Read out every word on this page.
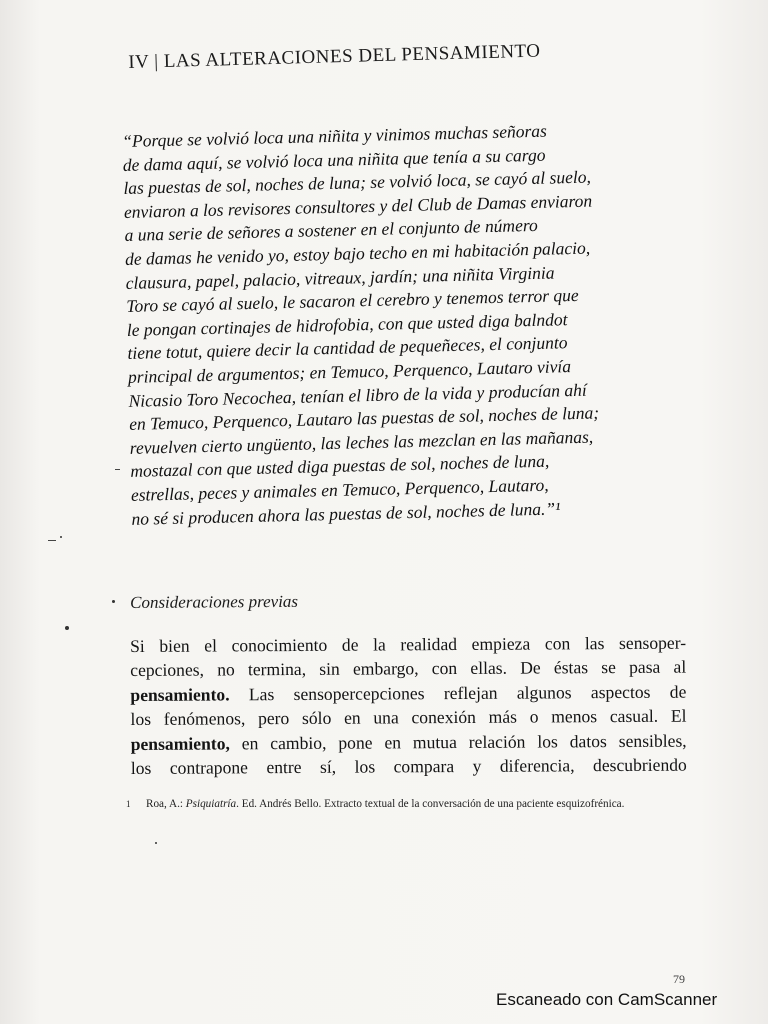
IV | LAS ALTERACIONES DEL PENSAMIENTO
“Porque se volvió loca una niñita y vinimos muchas señoras
de dama aquí, se volvió loca una niñita que tenía a su cargo
las puestas de sol, noches de luna; se volvió loca, se cayó al suelo,
enviaron a los revisores consultores y del Club de Damas enviaron
a una serie de señores a sostener en el conjunto de número
de damas he venido yo, estoy bajo techo en mi habitación palacio,
clausura, papel, palacio, vitreaux, jardín; una niñita Virginia
Toro se cayó al suelo, le sacaron el cerebro y tenemos terror que
le pongan cortinajes de hidrofobia, con que usted diga balndot
tiene totut, quiere decir la cantidad de pequeñeces, el conjunto
principal de argumentos; en Temuco, Perquenco, Lautaro vivía
Nicasio Toro Necochea, tenían el libro de la vida y producían ahí
en Temuco, Perquenco, Lautaro las puestas de sol, noches de luna;
revuelven cierto ungüento, las leches las mezclan en las mañanas,
mostazal con que usted diga puestas de sol, noches de luna,
estrellas, peces y animales en Temuco, Perquenco, Lautaro,
no sé si producen ahora las puestas de sol, noches de luna.”¹
Consideraciones previas
Si bien el conocimiento de la realidad empieza con las sensoper-
cepciones, no termina, sin embargo, con ellas. De éstas se pasa al
pensamiento. Las sensopercepciones reflejan algunos aspectos de
los fenómenos, pero sólo en una conexión más o menos casual. El
pensamiento, en cambio, pone en mutua relación los datos sensibles,
los contrapone entre sí, los compara y diferencia, descubriendo
1 Roa, A.: Psiquiatría. Ed. Andrés Bello. Extracto textual de la conversación de una paciente esquizofrénica.
79
Escaneado con CamScanner
